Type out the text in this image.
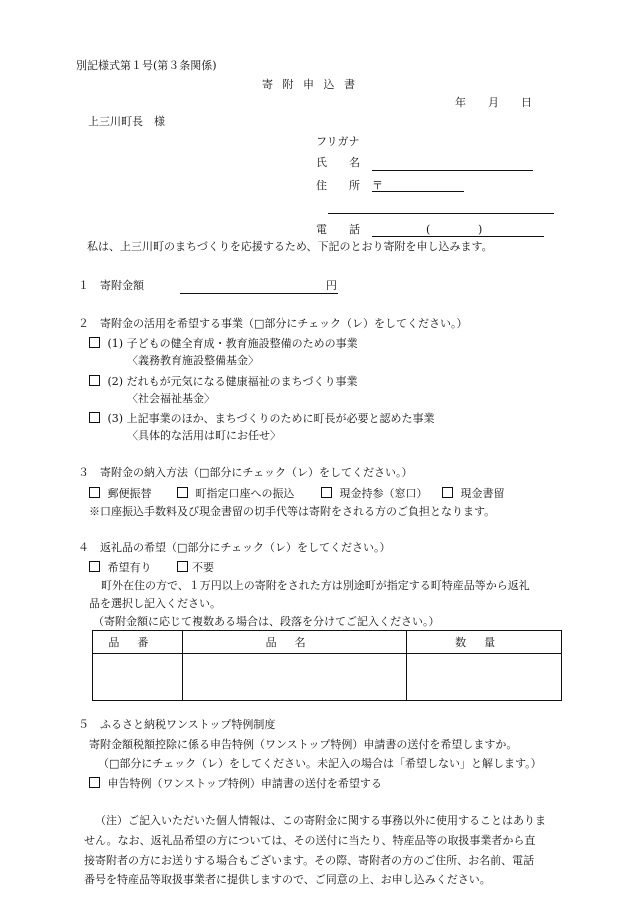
別記様式第１号(第３条関係)
寄 附 申 込 書
年 月 日
上三川町長　様
フリガナ
氏　　名
住　　所 〒
電　　話	(	)
私は、上三川町のまちづくりを応援するため、下記のとおり寄附を申し込みます。
１　寄附金額	円
２　寄附金の活用を希望する事業（□部分にチェック（レ）をしてください。）
(1) 子どもの健全育成・教育施設整備のための事業
〈義務教育施設整備基金〉
(2) だれもが元気になる健康福祉のまちづくり事業
〈社会福祉基金〉
(3) 上記事業のほか、まちづくりのために町長が必要と認めた事業
〈具体的な活用は町にお任せ〉
３　寄附金の納入方法（□部分にチェック（レ）をしてください。）
郵便振替	町指定口座への振込	現金持参（窓口）	現金書留
※口座振込手数料及び現金書留の切手代等は寄附をされる方のご負担となります。
４　返礼品の希望（□部分にチェック（レ）をしてください。）
希望有り	不要
町外在住の方で、１万円以上の寄附をされた方は別途町が指定する町特産品等から返礼
品を選択し記入ください。
（寄附金額に応じて複数ある場合は、段落を分けてご記入ください。）
品番	品名	数量

５　ふるさと納税ワンストップ特例制度
寄附金額税額控除に係る申告特例（ワンストップ特例）申請書の送付を希望しますか。
（□部分にチェック（レ）をしてください。未記入の場合は「希望しない」と解します。）
申告特例（ワンストップ特例）申請書の送付を希望する
（注）ご記入いただいた個人情報は、この寄附金に関する事務以外に使用することはありま
せん。なお、返礼品希望の方については、その送付に当たり、特産品等の取扱事業者から直
接寄附者の方にお送りする場合もございます。その際、寄附者の方のご住所、お名前、電話
番号を特産品等取扱事業者に提供しますので、ご同意の上、お申し込みください。
